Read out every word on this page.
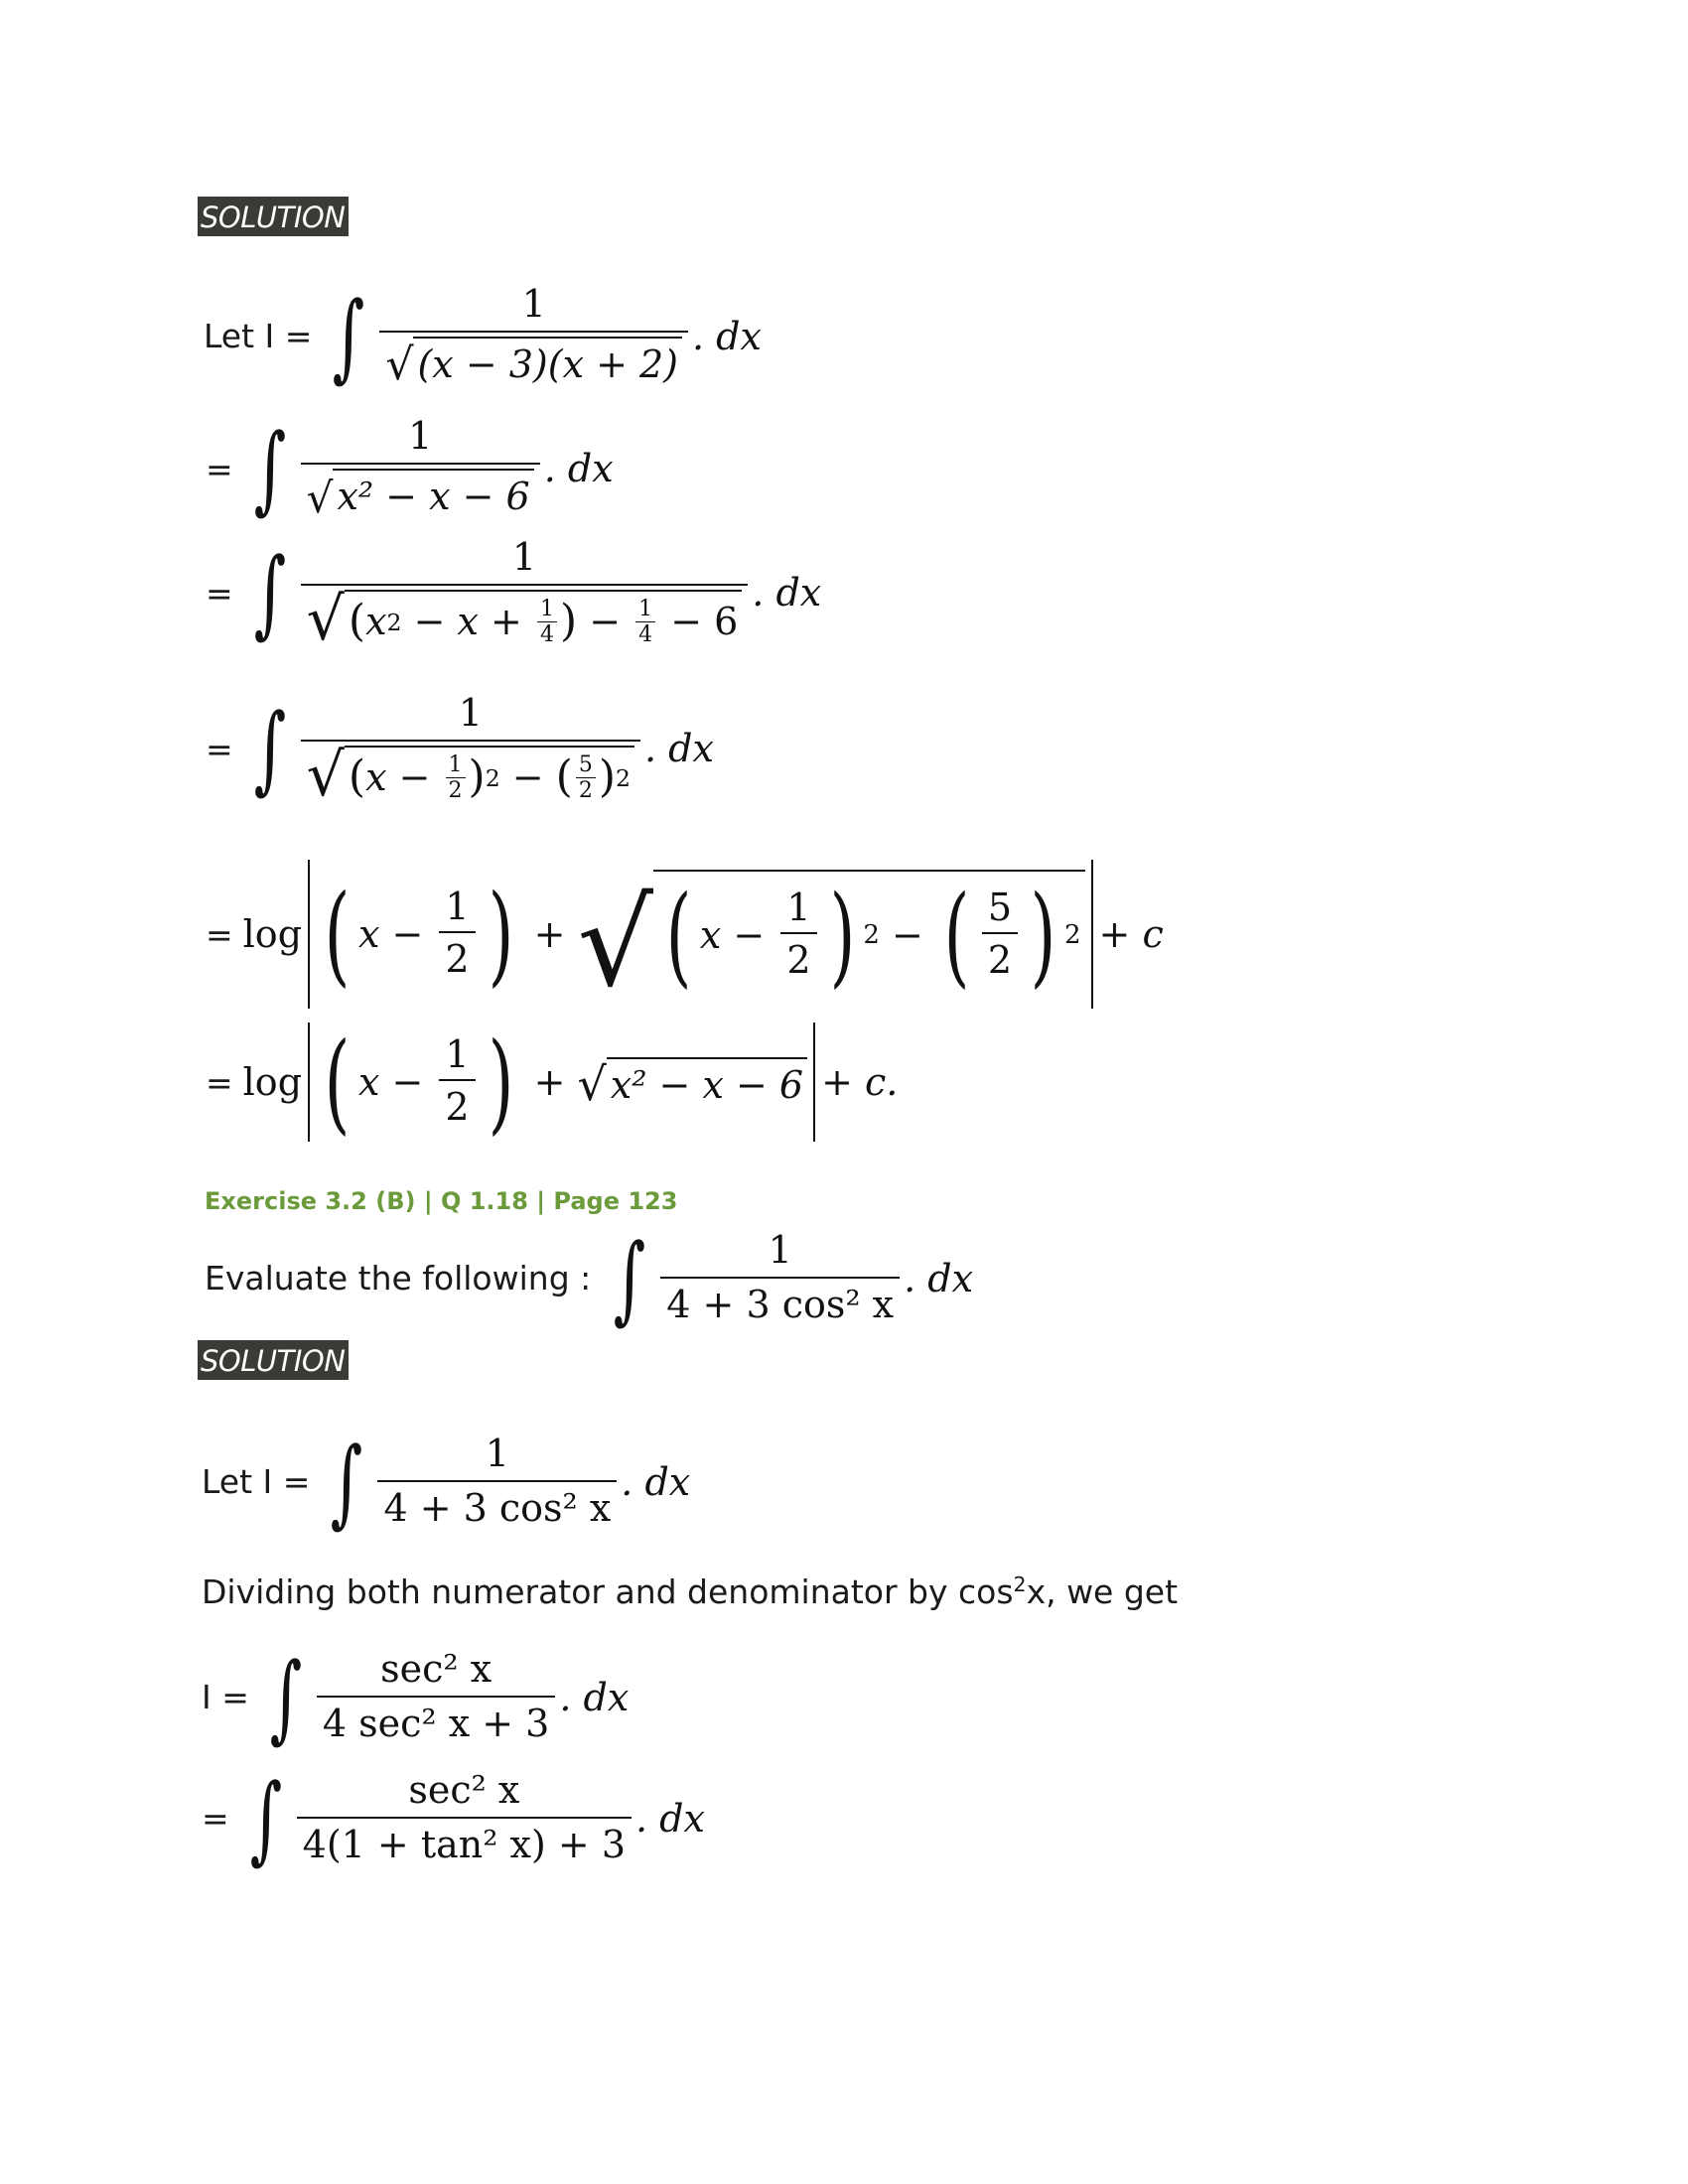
SOLUTION
Let I = ∫ $\frac{1}{√ (x - 3)(x + 2)}$ . dx
= ∫ $\frac{1}{\text{√ x² − x − 6}}$ . dx
= ∫ 1
√ ( x 2 − x + 1
4 ) − 1
4 − 6 . dx
= ∫ 1
√ ( x − 1
2 ) 2 − ( 5
2 ) 2 . dx
= log ( $x - \frac{1}{2}$ ) + √ ( $x - \frac{1}{2}$ ) 2 − ( $\frac{5}{2}$ ) 2 + c
= log ( $x - \frac{1}{2}$ ) + √ x² − x − 6 + c.
Exercise 3.2 (B) | Q 1.18 | Page 123
Evaluate the following : ∫ $\frac{1}{\text{4 + 3 cos² x}}$ . dx
SOLUTION
Let I = ∫ $\frac{1}{\text{4 + 3 cos² x}}$ . dx
Dividing both numerator and denominator by $\cos^2x$, we get
I = ∫ $\frac{\text{sec² x}}{\text{4 sec² x + 3}}$ . dx
= ∫ $\frac{\text{sec² x}}{\text{4(1 + tan² x) + 3}}$ . dx
